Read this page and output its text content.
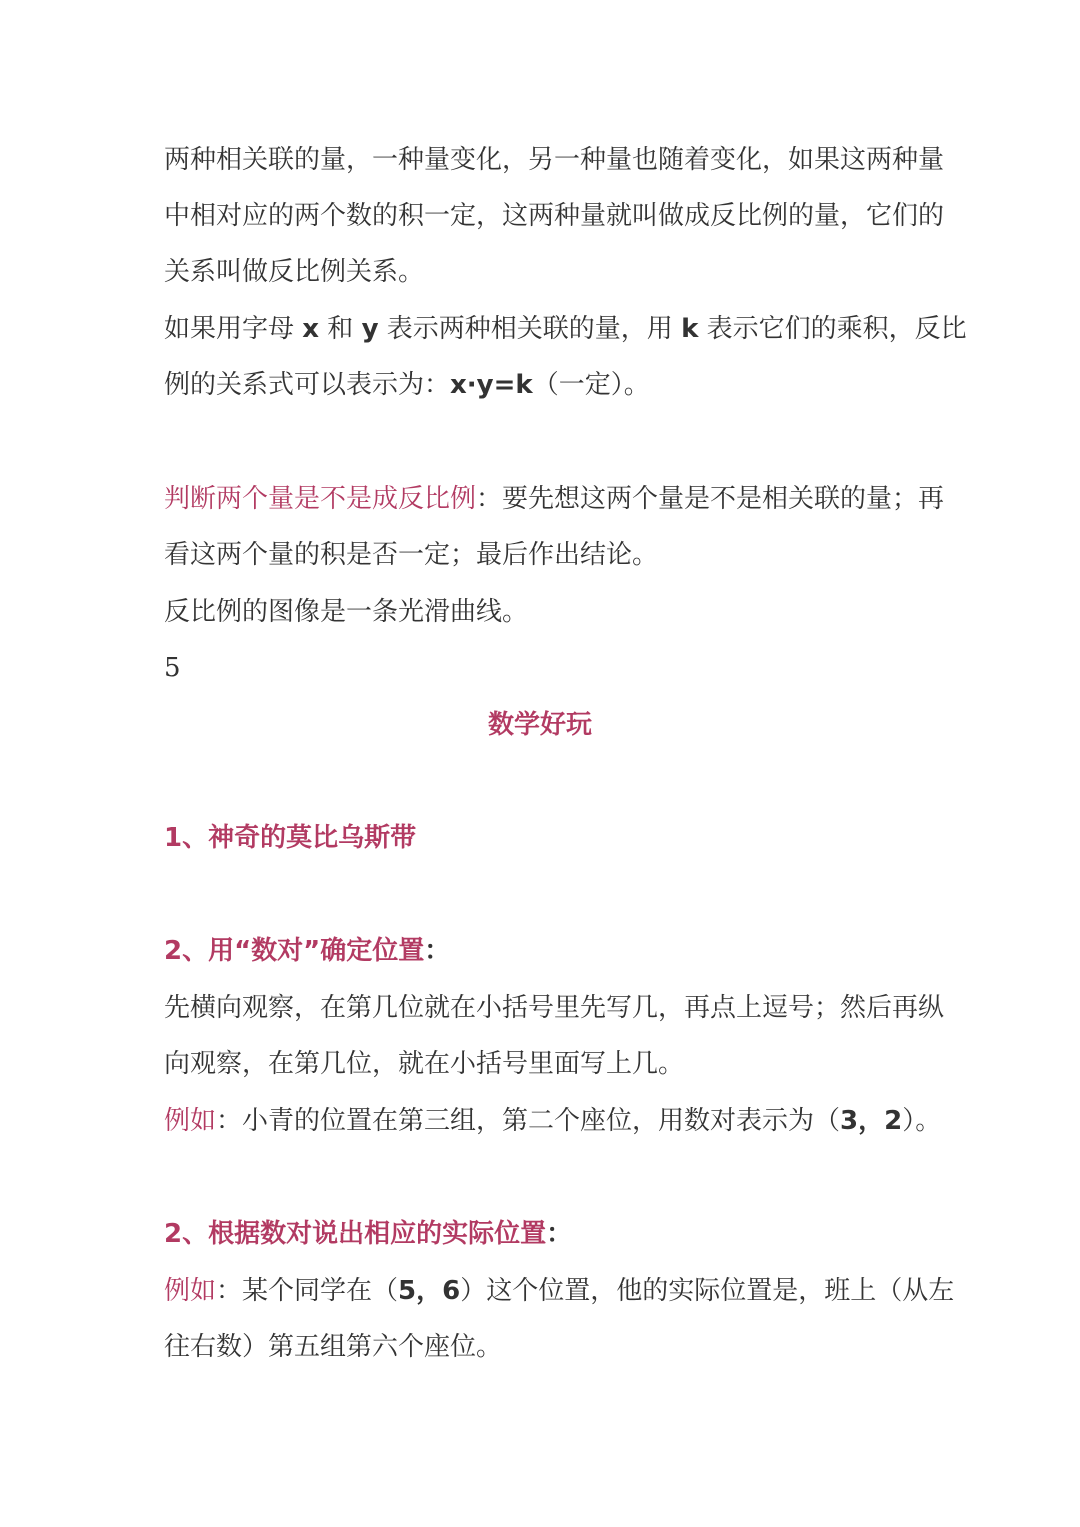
两种相关联的量，一种量变化，另一种量也随着变化，如果这两种量
中相对应的两个数的积一定，这两种量就叫做成反比例的量，它们的
关系叫做反比例关系。
如果用字母 x 和 y 表示两种相关联的量，用 k 表示它们的乘积，反比
例的关系式可以表示为：x·y=k（一定）。
判断两个量是不是成反比例：要先想这两个量是不是相关联的量；再
看这两个量的积是否一定；最后作出结论。
反比例的图像是一条光滑曲线。
5
数学好玩
1、神奇的莫比乌斯带
2、用“数对”确定位置：
先横向观察，在第几位就在小括号里先写几，再点上逗号；然后再纵
向观察，在第几位，就在小括号里面写上几。
例如：小青的位置在第三组，第二个座位，用数对表示为（3，2）。
2、根据数对说出相应的实际位置：
例如：某个同学在（5，6）这个位置，他的实际位置是，班上（从左
往右数）第五组第六个座位。
